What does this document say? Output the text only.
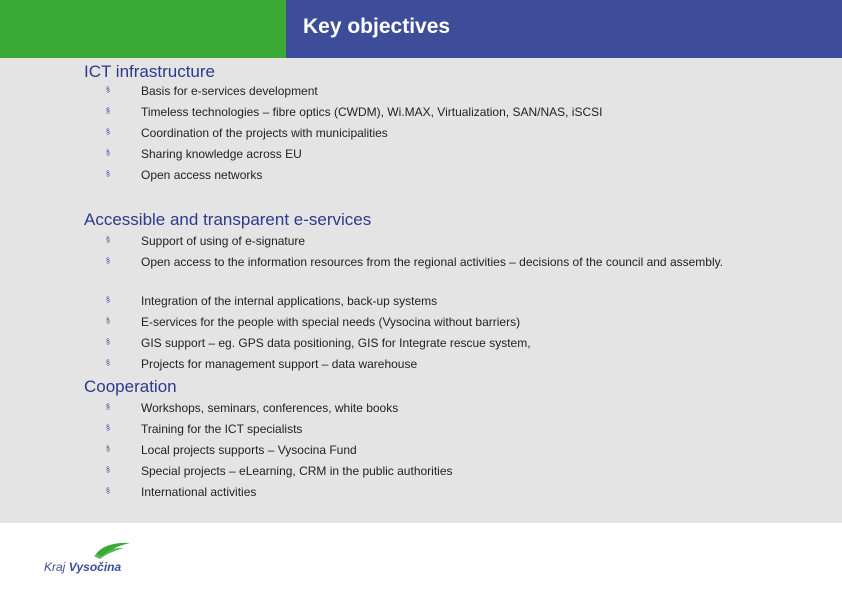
Key objectives
ICT infrastructure
§	Basis for e-services development
§	Timeless technologies – fibre optics (CWDM), Wi.MAX, Virtualization, SAN/NAS, iSCSI
§	Coordination of the projects with municipalities
§	Sharing knowledge across EU
§	Open access networks
Accessible and transparent e-services
§	Support of using of e-signature
§	Open access to the information resources from the regional activities – decisions of the council and assembly.
§	Integration of the internal applications, back-up systems
§	E-services for the people with special needs (Vysocina without barriers)
§	GIS support – eg. GPS data positioning, GIS for Integrate rescue system,
§	Projects for management support – data warehouse
Cooperation
§	Workshops, seminars, conferences, white books
§	Training for the ICT specialists
§	Local projects supports – Vysocina Fund
§	Special projects – eLearning, CRM in the public authorities
§	International activities
Kraj Vysočina
